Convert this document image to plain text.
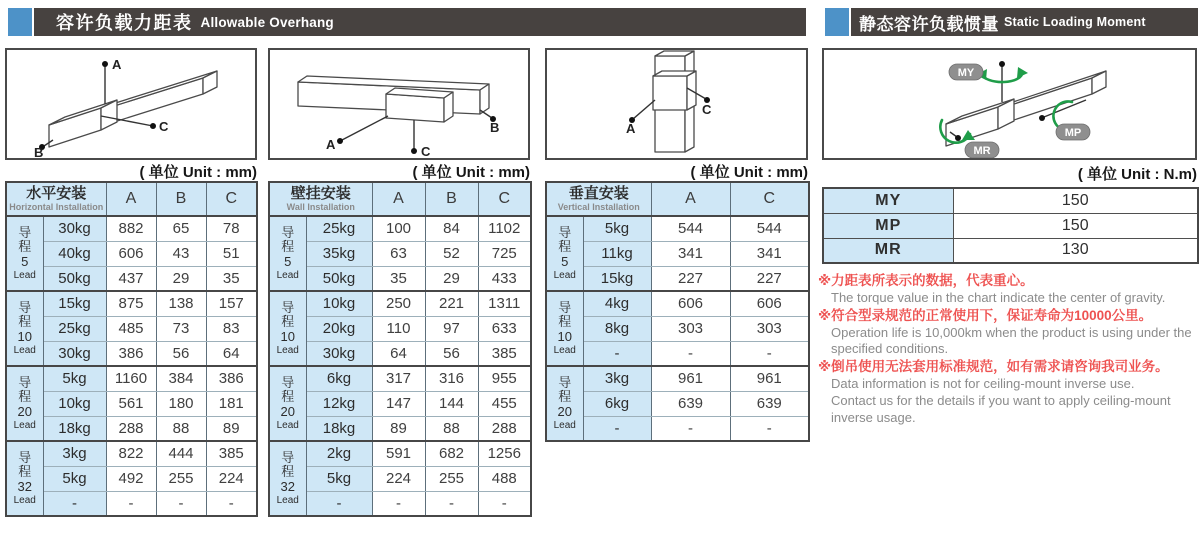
容许负载力距表 Allowable Overhang	静态容许负载惯量 Static Loading Moment
A
C
B
A
B
C
A
C
MY
MP
MR
( 单位 Unit : mm)	( 单位 Unit : mm)	( 单位 Unit : mm)	( 单位 Unit : N.m)
水平安装
Horizontal Installation		A	B	C

导
程
5
Lead	30kg	882	65	78
	40kg	606	43	51
	50kg	437	29	35

导
程
10
Lead	15kg	875	138	157
	25kg	485	73	83
	30kg	386	56	64

导
程
20
Lead	5kg	1160	384	386
	10kg	561	180	181
	18kg	288	88	89

导
程
32
Lead	3kg	822	444	385
	5kg	492	255	224
	-	-	-	-
壁挂安装
Wall Installation		A	B	C

导
程
5
Lead	25kg	100	84	1102
	35kg	63	52	725
	50kg	35	29	433

导
程
10
Lead	10kg	250	221	1311
	20kg	110	97	633
	30kg	64	56	385

导
程
20
Lead	6kg	317	316	955
	12kg	147	144	455
	18kg	89	88	288

导
程
32
Lead	2kg	591	682	1256
	5kg	224	255	488
	-	-	-	-
垂直安装
Vertical Installation		A	C

导
程
5
Lead	5kg	544	544
	11kg	341	341
	15kg	227	227

导
程
10
Lead	4kg	606	606
	8kg	303	303
	-	-	-

导
程
20
Lead	3kg	961	961
	6kg	639	639
	-	-	-
MY	150
MP	150
MR	130
※力距表所表示的数据，代表重心。
The torque value in the chart indicate the center of gravity.
※符合型录规范的正常使用下，保证寿命为10000公里。
Operation life is 10,000km when the product is using under the
specified conditions.
※倒吊使用无法套用标准规范，如有需求请咨询我司业务。
Data information is not for ceiling-mount inverse use.
Contact us for the details if you want to apply ceiling-mount
inverse usage.
